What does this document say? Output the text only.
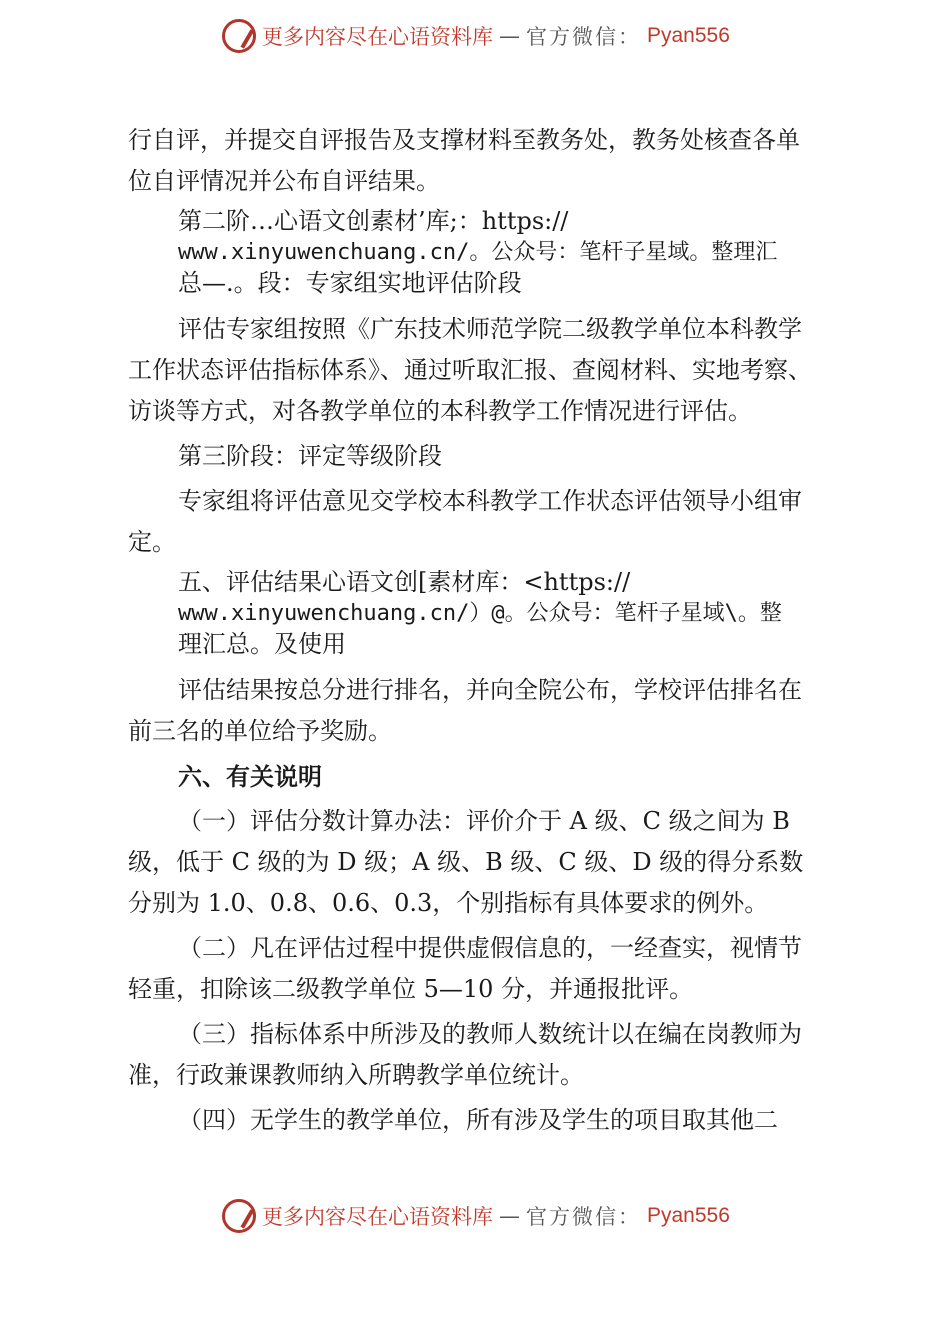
更多内容尽在心语资料库 — 官方微信： Pyan556

行自评，并提交自评报告及支撑材料至教务处，教务处核查各单位自评情况并公布自评结果。

第二阶…心语文创素材’库;：https://
www.xinyuwenchuang.cn/。公众号：笔杆子星域。整理汇
总—.。段：专家组实地评估阶段

评估专家组按照《广东技术师范学院二级教学单位本科教学工作状态评估指标体系》、通过听取汇报、查阅材料、实地考察、访谈等方式，对各教学单位的本科教学工作情况进行评估。

第三阶段：评定等级阶段

专家组将评估意见交学校本科教学工作状态评估领导小组审定。

五、评估结果心语文创[素材库：<https://
www.xinyuwenchuang.cn/）@。公众号：笔杆子星域\。整
理汇总。及使用

评估结果按总分进行排名，并向全院公布，学校评估排名在前三名的单位给予奖励。

六、有关说明

（一）评估分数计算办法：评价介于 A 级、C 级之间为 B 级，低于 C 级的为 D 级；A 级、B 级、C 级、D 级的得分系数分别为 1.0、0.8、0.6、0.3，个别指标有具体要求的例外。

（二）凡在评估过程中提供虚假信息的，一经查实，视情节轻重，扣除该二级教学单位 5—10 分，并通报批评。

（三）指标体系中所涉及的教师人数统计以在编在岗教师为准，行政兼课教师纳入所聘教学单位统计。

（四）无学生的教学单位，所有涉及学生的项目取其他二

更多内容尽在心语资料库 — 官方微信： Pyan556
